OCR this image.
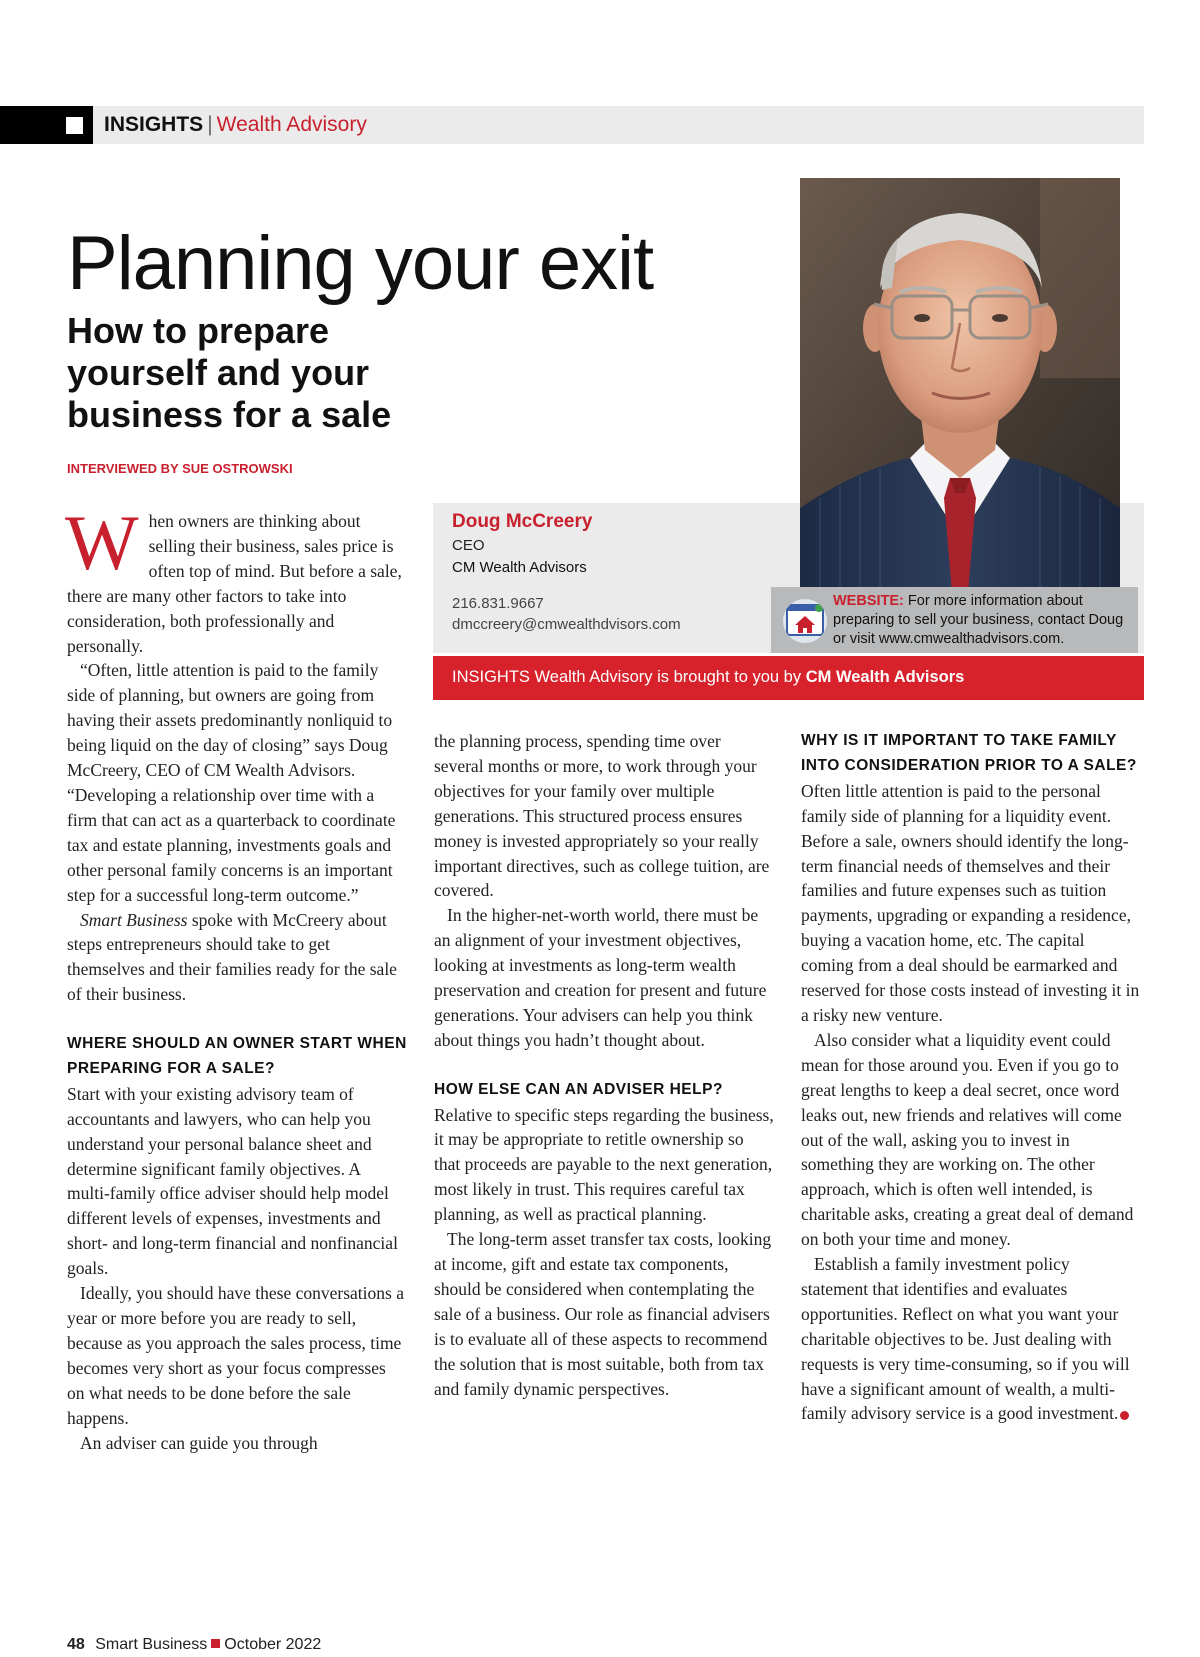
INSIGHTS | Wealth Advisory
Planning your exit
How to prepare yourself and your business for a sale
INTERVIEWED BY SUE OSTROWSKI
Doug McCreery
CEO
CM Wealth Advisors
216.831.9667
dmccreery@cmwealthdvisors.com
WEBSITE: For more information about preparing to sell your business, contact Doug or visit www.cmwealthadvisors.com.
INSIGHTS Wealth Advisory is brought to you by CM Wealth Advisors

When owners are thinking about selling their business, sales price is often top of mind. But before a sale, there are many other factors to take into consideration, both professionally and personally.

“Often, little attention is paid to the family side of planning, but owners are going from having their assets predominantly nonliquid to being liquid on the day of closing” says Doug McCreery, CEO of CM Wealth Advisors. “Developing a relationship over time with a firm that can act as a quarterback to coordinate tax and estate planning, investments goals and other personal family concerns is an important step for a successful long-term outcome.”

Smart Business spoke with McCreery about steps entrepreneurs should take to get themselves and their families ready for the sale of their business.

WHERE SHOULD AN OWNER START WHEN PREPARING FOR A SALE?

Start with your existing advisory team of accountants and lawyers, who can help you understand your personal balance sheet and determine significant family objectives. A multi-family office adviser should help model different levels of expenses, investments and short- and long-term financial and nonfinancial goals.

Ideally, you should have these conversations a year or more before you are ready to sell, because as you approach the sales process, time becomes very short as your focus compresses on what needs to be done before the sale happens.

An adviser can guide you through

the planning process, spending time over several months or more, to work through your objectives for your family over multiple generations. This structured process ensures money is invested appropriately so your really important directives, such as college tuition, are covered.

In the higher-net-worth world, there must be an alignment of your investment objectives, looking at investments as long-term wealth preservation and creation for present and future generations. Your advisers can help you think about things you hadn’t thought about.

HOW ELSE CAN AN ADVISER HELP?

Relative to specific steps regarding the business, it may be appropriate to retitle ownership so that proceeds are payable to the next generation, most likely in trust. This requires careful tax planning, as well as practical planning.

The long-term asset transfer tax costs, looking at income, gift and estate tax components, should be considered when contemplating the sale of a business. Our role as financial advisers is to evaluate all of these aspects to recommend the solution that is most suitable, both from tax and family dynamic perspectives.

WHY IS IT IMPORTANT TO TAKE FAMILY INTO CONSIDERATION PRIOR TO A SALE?

Often little attention is paid to the personal family side of planning for a liquidity event. Before a sale, owners should identify the long-term financial needs of themselves and their families and future expenses such as tuition payments, upgrading or expanding a residence, buying a vacation home, etc. The capital coming from a deal should be earmarked and reserved for those costs instead of investing it in a risky new venture.

Also consider what a liquidity event could mean for those around you. Even if you go to great lengths to keep a deal secret, once word leaks out, new friends and relatives will come out of the wall, asking you to invest in something they are working on. The other approach, which is often well intended, is charitable asks, creating a great deal of demand on both your time and money.

Establish a family investment policy statement that identifies and evaluates opportunities. Reflect on what you want your charitable objectives to be. Just dealing with requests is very time-consuming, so if you will have a significant amount of wealth, a multi-family advisory service is a good investment.

48 Smart Business October 2022
